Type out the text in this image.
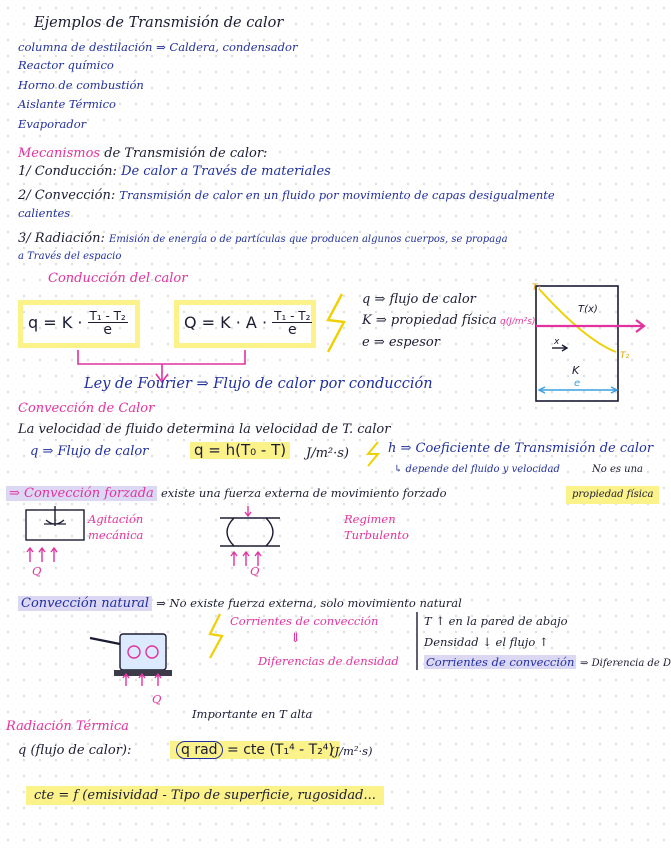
Ejemplos de Transmisión de calor
columna de destilación ⇒ Caldera, condensador
Reactor químico
Horno de combustión
Aislante Térmico
Evaporador
Mecanismos de Transmisión de calor:
1/ Conducción: De calor a Través de materiales
2/ Convección: Transmisión de calor en un fluido por movimiento de capas desigualmente
calientes
3/ Radiación: Emisión de energía o de partículas que producen algunos cuerpos, se propaga
a Través del espacio
Conducción del calor
$q = K \cdot \frac{\text{T₁ - T₂}}{e}$	$Q = K \cdot A \cdot \frac{\text{T₁ - T₂}}{e}$
q ⇒ flujo de calor
K ⇒ propiedad física
e ⇒ espesor
T₁
T₂
T(x)
q(J/m²s)
x
K
e
Ley de Fourier ⇒ Flujo de calor por conducción
Convección de Calor
La velocidad de fluido determina la velocidad de T. calor
q ⇒ Flujo de calor	q = h(T₀ - T)	J/m²·s)	h ⇒ Coeficiente de Transmisión de calor
↳ depende del fluido y velocidad	No es una
propiedad física
⇒ Convección forzada existe una fuerza externa de movimiento forzado
Agitación
mecánica
Regimen
Turbulento
Q	Q
Convección natural ⇒ No existe fuerza externa, solo movimiento natural
Q
Corrientes de convección
⇓
Diferencias de densidad
T ↑ en la pared de abajo
Densidad ↓ el flujo ↑
Corrientes de convección ⇒ Diferencia de D
Importante en T alta
Radiación Térmica
q (flujo de calor):	q rad = cte (T₁⁴ - T₂⁴)
(J/m²·s)
cte = f (emisividad - Tipo de superficie, rugosidad...
